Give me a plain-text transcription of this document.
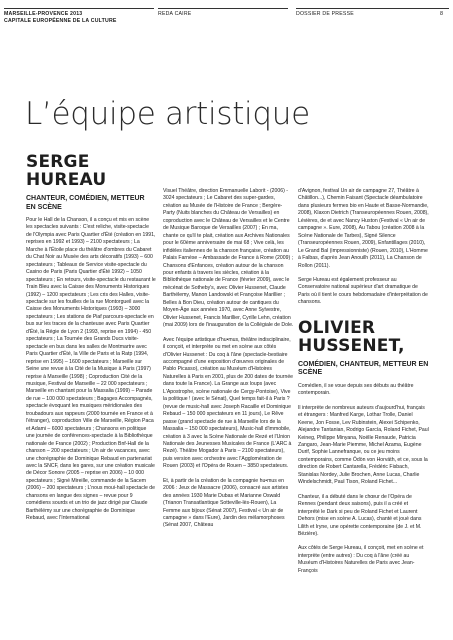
MARSEILLE-PROVENCE 2013
CAPITALE EUROPÉENNE DE LA CULTURE
REDA CAIRE	DOSSIER DE PRESSE	8
L’équipe artistique
SERGE HUREAU
CHANTEUR, COMÉDIEN, METTEUR EN SCÈNE

Pour le Hall de la Chanson, il a conçu et mis en scène les spectacles suivants : C'est reliche, visite-spectacle de l'Olympia avec Paris Quartier d'Été (création en 1991, reprises en 1992 et 1993) – 2100 spectateurs ; La Marche à l'Étoile place du théâtre d'ombres du Cabaret du Chat Noir au Musée des arts décoratifs (1993) – 600 spectateurs ; Tableaux de Service visite-spectacle du Casino de Paris (Paris Quartier d'Été 1992) – 1050 spectateurs ; En retours, visite-spectacle du restaurant le Train Bleu avec la Caisse des Monuments Historiques (1992) – 1200 spectateurs ; Les cris des Halles, visite-spectacle sur les fouilles de la rue Montorgueil avec la Caisse des Monuments Historiques (1993) – 3000 spectateurs ; Les stations de Piaf parcours-spectacle en bus sur les traces de la chanteuse avec Paris Quartier d'Été, la Régie de Lyon 2 (1993, reprise en 1994) - 450 spectateurs ; La Tournée des Grands Ducs visite-spectacle en bus dans les salles de Montmartre avec Paris Quartier d'Été, la Ville de Paris et la Ratp (1994, reprise en 1995) – 1600 spectateurs ; Marseille sur Seine une revue à la Cité de la Musique à Paris (1997) reprise à Marseille (1998) ; Coproduction Cité de la musique, Festival de Marseille – 22 000 spectateurs ; Marseille en chantant pour la Massalia (1999) – Parade de rue – 100 000 spectateurs ; Bagages Accompagnés, spectacle évoquant les musiques méridionales des troubadours aux rappeurs (2000 tournée en France et à l'étranger), coproduction Ville de Marseille, Région Paca et Adami – 6000 spectateurs ; Chansons en politique une journée de conférences-spectacle à la Bibliothèque nationale de France (2002) ; Production Bnf-Hall de la chanson – 200 spectateurs ; Un air de vacances, avec une chorégraphie de Dominique Rebaud en partenariat avec la SNCF, dans les gares, sur une création musicale de Décor Sonore (2005 – reprise en 2006) – 10 000 spectateurs ; Signé Mireille, commande de la Sacem (2006) – 200 spectateurs ; L'nous moui-hall spectacle de chansons en langue des signes – revue pour 9 comédiens sourds et un trio de jazz dirigé par Claude Barthélémy sur une chorégraphie de Dominique Rebaud, avec l'International

Visuel Théâtre, direction Emmanuelle Laborit - (2006) - 3024 spectateurs ; Le Cabaret des super-gardes, création au Musée de l'Histoire de France ; Bergère-Party (Nuits blanches du Château de Versailles) en coproduction avec le Château de Versailles et le Centre de Musique Baroque de Versailles (2007) ; En ma, chante ce qu'il te plait, création aux Archives Nationales pour le 60ème anniversaire de mai 68 ; Vive celà, les infidèles italiennes de la chanson française, création au Palais Farnèse – Ambassade de France à Rome (2009) ; Chansons d'Enfances, création autour de la chanson pour enfants à travers les siècles, création à la Bibliothèque nationale de France (février 2009), avec le mécénat de Sotheby's, avec Olivier Hussenet, Claude Barthélemy, Manon Landowski et Françoise Marillier ; Belles à Bon Dieu, création autour de cantiques du Moyen-Âge aux années 1970, avec Anne Sylvestre, Olivier Hussenet, Francis Marillier, Cyrille Lehn, création (mai 2009) lors de l'inauguration de la Collégiale de Dole.

Avec l'équipe artistique d'hu•mus, théâtre indisciplinaire, il conçoit, et interprète ou met en scène aux côtés d'Olivier Hussenet : Du coq à l'âne (spectacle-bestiaire accompagné d'une exposition d'œuvres originales de Pablo Picasso), création au Muséum d'Histoires Naturelles à Paris en 2001, plus de 200 dates de tournée dans toute la France). La Grange aux loups (avec L'Apostrophe, scène nationale de Cergy-Pontoise), Vive la politique ! (avec le Sénat), Quel temps fait-il à Paris ? (revue de music-hall avec Joseph Racaille et Dominique Rebaud – 150 000 spectateurs en 11 jours), Le Rêve passe (grand spectacle de rue à Marseille lors de la Massalia – 150 000 spectateurs), Music-hall d'immobile, création à 3 avec la Scène Nationale de Rezé et l'Union Nationale des Jeunesses Musicales de France (L'ARC à Rezé). Théâtre Mogador à Paris – 2100 spectateurs), puis version avec orchestre avec l'Agglomération de Rouen (2003) et l'Opéra de Rouen – 3850 spectateurs.

Et, à partir de la création de la compagnie hu•mus en 2006 : Jeux de Massacre (2006), consacré aux artistes des années 1930 Marie Dubas et Marianne Oswald (Trianon Transatlantique Sotteville-lès-Rouen), La Femme aux bijoux (Sénat 2007), Festival « Un air de campagne » dans l'Eure), Jardin des mélamorphoses (Sénat 2007, Château

d'Avignon, festival Un air de campagne 27, Théâtre à Châtillon...), Chemin Faisant (Spectacle déambulatoire dans plusieurs fermes bio en Haute et Basse-Normandie, 2008), Klaxon Dietrich (Transeuropéennes Rouen, 2008), Lévières, de et avec Nancy Huston (Festival « Un air de campagne ». Eure, 2008), Au Tabou (création 2008 à la Scène Nationale de Tarbes), Signé Silence (Transeuropéennes Rouen, 2009), Enfantillages (2010), Le Grand Bal (impressionniste) (Rouen, 2010), L'Homme à Falbas, d'après Jean Anouilh (2011), La Chanson de Rollon (2011).

Serge Hureau est également professeur au Conservatoire national supérieur d'art dramatique de Paris où il tient le cours hebdomadaire d'interprétation de chansons.

OLIVIER HUSSENET,
COMÉDIEN, CHANTEUR, METTEUR EN SCÈNE

Comédien, il se voue depuis ses débuts au théâtre contemporain.

Il interprète de nombreux auteurs d'aujourd'hui, français et étrangers : Manfred Karge, Lothar Trolle, Daniel Keene, Jon Fosse, Lev Rubinstein, Alexei Schipenko, Alejandre Tantanian, Rodrigo García, Roland Fichet, Paul Keineg, Philippe Minyana, Noëlle Renaude, Patricia Zangaro, Jean-Marie Piemme, Michel Azama, Eugène Durif, Sophie Lannefranque, ou ce jeu moins contemporains, comme Ödön von Horváth, et ce, sous la direction de Robert Cantarella, Frédéric Fisbach, Stanislas Nordey, Julie Brochen, Anne Lucas, Charlie Windelschmidt, Paul Tison, Roland Fichet...

Chanteur, il a débuté dans le chœur de l'Opéra de Rennes (pendant deux saisons), puis il a créé et interprété le Dark si peu de Roland Fichet et Laurent Dehors (mise en scène A. Lucas), chanté et joué dans Lilith et Iryne, une opérette contemporaine (de J. et M. Bézière).

Aux côtés de Serge Hureau, il conçoit, met en scène et interprète (entre autres) : Du coq à l'âne (créé au Muséum d'Histoires Naturelles de Paris avec Jean-François
